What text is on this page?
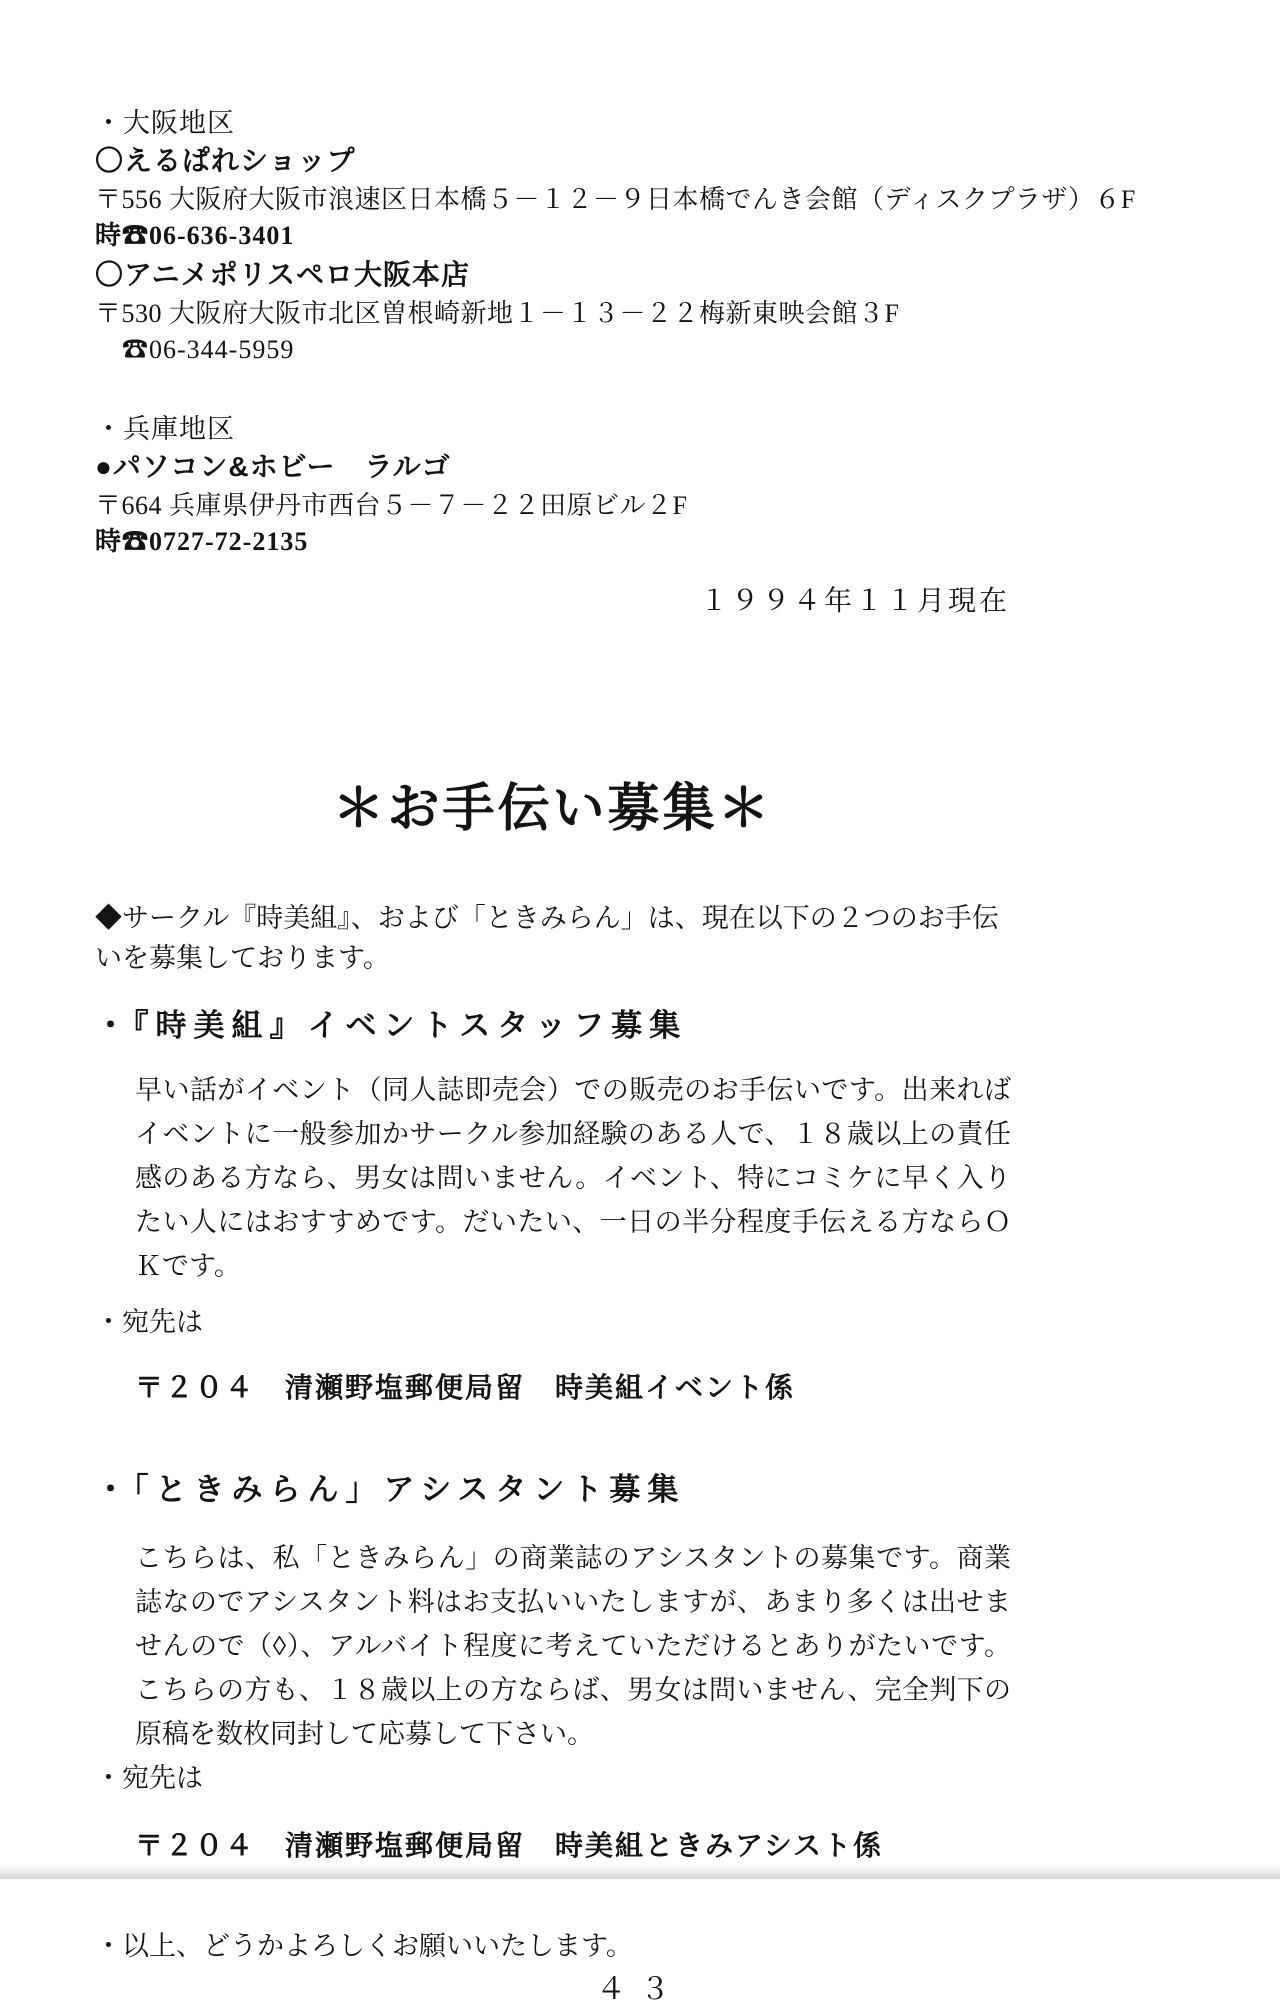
・大阪地区

〇えるぱれショップ

〒556 大阪府大阪市浪速区日本橋５－１２－９日本橋でんき会館（ディスクプラザ）６F

時☎06-636-3401

〇アニメポリスペロ大阪本店

〒530 大阪府大阪市北区曽根崎新地１－１３－２２梅新東映会館３F

　☎06-344-5959

・兵庫地区

●パソコン&ホビー　ラルゴ

〒664 兵庫県伊丹市西台５－７－２２田原ビル２F

時☎0727-72-2135

１９９４年１１月現在

＊お手伝い募集＊

◆サークル『時美組』、および「ときみらん」は、現在以下の２つのお手伝いを募集しております。

・『時美組』イベントスタッフ募集

早い話がイベント（同人誌即売会）での販売のお手伝いです。出来ればイベントに一般参加かサークル参加経験のある人で、１８歳以上の責任感のある方なら、男女は問いません。イベント、特にコミケに早く入りたい人にはおすすめです。だいたい、一日の半分程度手伝える方ならＯＫです。

・宛先は

〒２０４　清瀬野塩郵便局留　時美組イベント係

・「ときみらん」アシスタント募集

こちらは、私「ときみらん」の商業誌のアシスタントの募集です。商業誌なのでアシスタント料はお支払いいたしますが、あまり多くは出せませんので（◊）、アルバイト程度に考えていただけるとありがたいです。こちらの方も、１８歳以上の方ならば、男女は問いません、完全判下の原稿を数枚同封して応募して下さい。

・宛先は

〒２０４　清瀬野塩郵便局留　時美組ときみアシスト係

・以上、どうかよろしくお願いいたします。

４３
